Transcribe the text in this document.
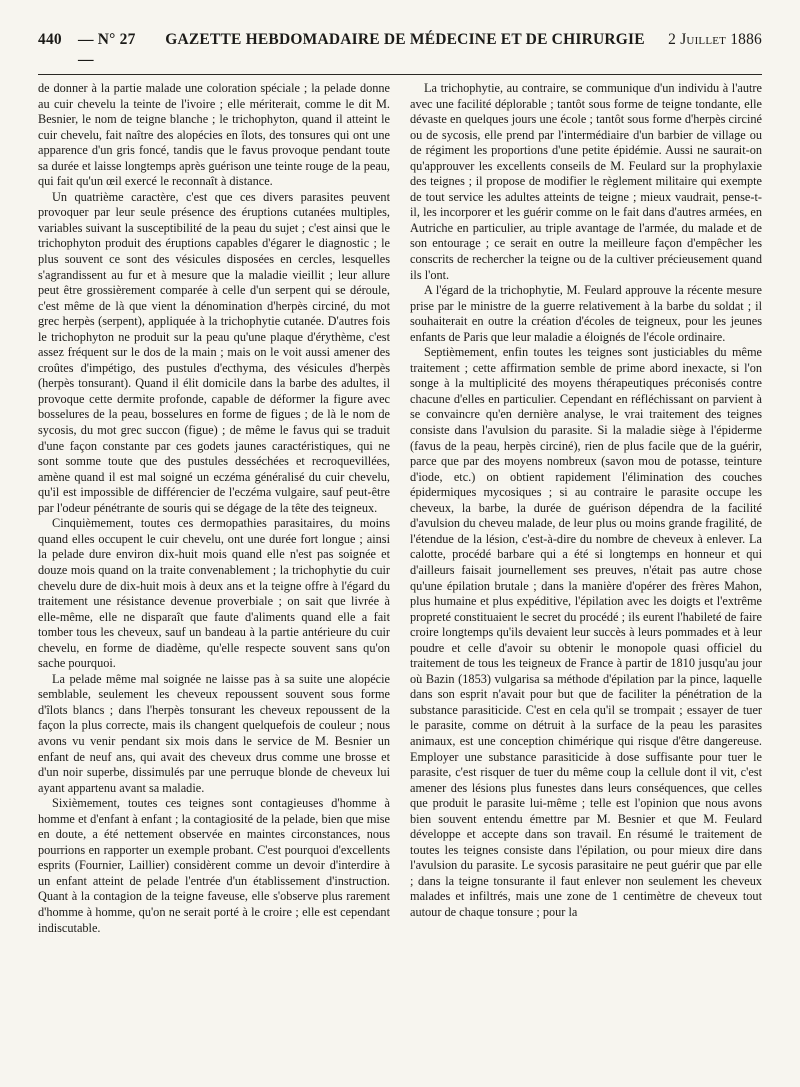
440	— N° 27 —
GAZETTE HEBDOMADAIRE DE MÉDECINE ET DE CHIRURGIE	2 Juillet 1886

de donner à la partie malade une coloration spéciale ; la pelade donne au cuir chevelu la teinte de l'ivoire ; elle mériterait, comme le dit M. Besnier, le nom de teigne blanche ; le trichophyton, quand il atteint le cuir chevelu, fait naître des alopécies en îlots, des tonsures qui ont une apparence d'un gris foncé, tandis que le favus provoque pendant toute sa durée et laisse longtemps après guérison une teinte rouge de la peau, qui fait qu'un œil exercé le reconnaît à distance.

Un quatrième caractère, c'est que ces divers parasites peuvent provoquer par leur seule présence des éruptions cutanées multiples, variables suivant la susceptibilité de la peau du sujet ; c'est ainsi que le trichophyton produit des éruptions capables d'égarer le diagnostic ; le plus souvent ce sont des vésicules disposées en cercles, lesquelles s'agrandissent au fur et à mesure que la maladie vieillit ; leur allure peut être grossièrement comparée à celle d'un serpent qui se déroule, c'est même de là que vient la dénomination d'herpès circiné, du mot grec herpès (serpent), appliquée à la trichophytie cutanée. D'autres fois le trichophyton ne produit sur la peau qu'une plaque d'érythème, c'est assez fréquent sur le dos de la main ; mais on le voit aussi amener des croûtes d'impétigo, des pustules d'ecthyma, des vésicules d'herpès (herpès tonsurant). Quand il élit domicile dans la barbe des adultes, il provoque cette dermite profonde, capable de déformer la figure avec bosselures de la peau, bosselures en forme de figues ; de là le nom de sycosis, du mot grec succon (figue) ; de même le favus qui se traduit d'une façon constante par ces godets jaunes caractéristiques, qui ne sont somme toute que des pustules desséchées et recroquevillées, amène quand il est mal soigné un eczéma généralisé du cuir chevelu, qu'il est impossible de différencier de l'eczéma vulgaire, sauf peut-être par l'odeur pénétrante de souris qui se dégage de la tête des teigneux.

Cinquièmement, toutes ces dermopathies parasitaires, du moins quand elles occupent le cuir chevelu, ont une durée fort longue ; ainsi la pelade dure environ dix-huit mois quand elle n'est pas soignée et douze mois quand on la traite convenablement ; la trichophytie du cuir chevelu dure de dix-huit mois à deux ans et la teigne offre à l'égard du traitement une résistance devenue proverbiale ; on sait que livrée à elle-même, elle ne disparaît que faute d'aliments quand elle a fait tomber tous les cheveux, sauf un bandeau à la partie antérieure du cuir chevelu, en forme de diadème, qu'elle respecte souvent sans qu'on sache pourquoi.

La pelade même mal soignée ne laisse pas à sa suite une alopécie semblable, seulement les cheveux repoussent souvent sous forme d'îlots blancs ; dans l'herpès tonsurant les cheveux repoussent de la façon la plus correcte, mais ils changent quelquefois de couleur ; nous avons vu venir pendant six mois dans le service de M. Besnier un enfant de neuf ans, qui avait des cheveux drus comme une brosse et d'un noir superbe, dissimulés par une perruque blonde de cheveux lui ayant appartenu avant sa maladie.

Sixièmement, toutes ces teignes sont contagieuses d'homme à homme et d'enfant à enfant ; la contagiosité de la pelade, bien que mise en doute, a été nettement observée en maintes circonstances, nous pourrions en rapporter un exemple probant. C'est pourquoi d'excellents esprits (Fournier, Laillier) considèrent comme un devoir d'interdire à un enfant atteint de pelade l'entrée d'un établissement d'instruction. Quant à la contagion de la teigne faveuse, elle s'observe plus rarement d'homme à homme, qu'on ne serait porté à le croire ; elle est cependant indiscutable.

La trichophytie, au contraire, se communique d'un individu à l'autre avec une facilité déplorable ; tantôt sous forme de teigne tondante, elle dévaste en quelques jours une école ; tantôt sous forme d'herpès circiné ou de sycosis, elle prend par l'intermédiaire d'un barbier de village ou de régiment les proportions d'une petite épidémie. Aussi ne saurait-on qu'approuver les excellents conseils de M. Feulard sur la prophylaxie des teignes ; il propose de modifier le règlement militaire qui exempte de tout service les adultes atteints de teigne ; mieux vaudrait, pense-t-il, les incorporer et les guérir comme on le fait dans d'autres armées, en Autriche en particulier, au triple avantage de l'armée, du malade et de son entourage ; ce serait en outre la meilleure façon d'empêcher les conscrits de rechercher la teigne ou de la cultiver précieusement quand ils l'ont.

A l'égard de la trichophytie, M. Feulard approuve la récente mesure prise par le ministre de la guerre relativement à la barbe du soldat ; il souhaiterait en outre la création d'écoles de teigneux, pour les jeunes enfants de Paris que leur maladie a éloignés de l'école ordinaire.

Septièmement, enfin toutes les teignes sont justiciables du même traitement ; cette affirmation semble de prime abord inexacte, si l'on songe à la multiplicité des moyens thérapeutiques préconisés contre chacune d'elles en particulier. Cependant en réfléchissant on parvient à se convaincre qu'en dernière analyse, le vrai traitement des teignes consiste dans l'avulsion du parasite. Si la maladie siège à l'épiderme (favus de la peau, herpès circiné), rien de plus facile que de la guérir, parce que par des moyens nombreux (savon mou de potasse, teinture d'iode, etc.) on obtient rapidement l'élimination des couches épidermiques mycosiques ; si au contraire le parasite occupe les cheveux, la barbe, la durée de guérison dépendra de la facilité d'avulsion du cheveu malade, de leur plus ou moins grande fragilité, de l'étendue de la lésion, c'est-à-dire du nombre de cheveux à enlever. La calotte, procédé barbare qui a été si longtemps en honneur et qui d'ailleurs faisait journellement ses preuves, n'était pas autre chose qu'une épilation brutale ; dans la manière d'opérer des frères Mahon, plus humaine et plus expéditive, l'épilation avec les doigts et l'extrême propreté constituaient le secret du procédé ; ils eurent l'habileté de faire croire longtemps qu'ils devaient leur succès à leurs pommades et à leur poudre et celle d'avoir su obtenir le monopole quasi officiel du traitement de tous les teigneux de France à partir de 1810 jusqu'au jour où Bazin (1853) vulgarisa sa méthode d'épilation par la pince, laquelle dans son esprit n'avait pour but que de faciliter la pénétration de la substance parasiticide. C'est en cela qu'il se trompait ; essayer de tuer le parasite, comme on détruit à la surface de la peau les parasites animaux, est une conception chimérique qui risque d'être dangereuse. Employer une substance parasiticide à dose suffisante pour tuer le parasite, c'est risquer de tuer du même coup la cellule dont il vit, c'est amener des lésions plus funestes dans leurs conséquences, que celles que produit le parasite lui-même ; telle est l'opinion que nous avons bien souvent entendu émettre par M. Besnier et que M. Feulard développe et accepte dans son travail. En résumé le traitement de toutes les teignes consiste dans l'épilation, ou pour mieux dire dans l'avulsion du parasite. Le sycosis parasitaire ne peut guérir que par elle ; dans la teigne tonsurante il faut enlever non seulement les cheveux malades et infiltrés, mais une zone de 1 centimètre de cheveux tout autour de chaque tonsure ; pour la
